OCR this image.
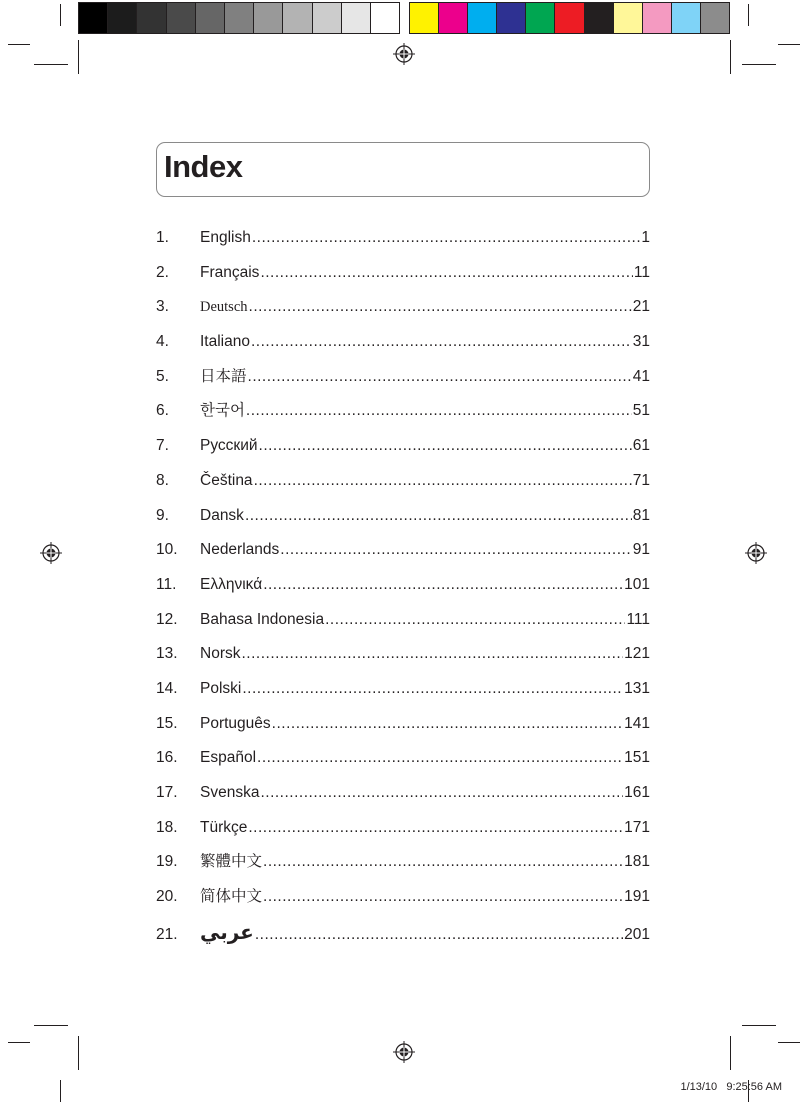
Index
1.	English .....	1
2.	Français .....	11
3.	Deutsch .....	21
4.	Italiano .....	31
5.	日本語 .....	41
6.	한국어 .....	51
7.	Русский .....	61
8.	Čeština .....	71
9.	Dansk .....	81
10.	Nederlands .....	91
11.	Ελληνικά .....	101
12.	Bahasa Indonesia .....	111
13.	Norsk .....	121
14.	Polski .....	131
15.	Português .....	141
16.	Español .....	151
17.	Svenska .....	161
18.	Türkçe .....	171
19.	繁體中文 .....	181
20.	简体中文 .....	191
21.	عربي .....	201
1/13/10   9:25:56 AM
